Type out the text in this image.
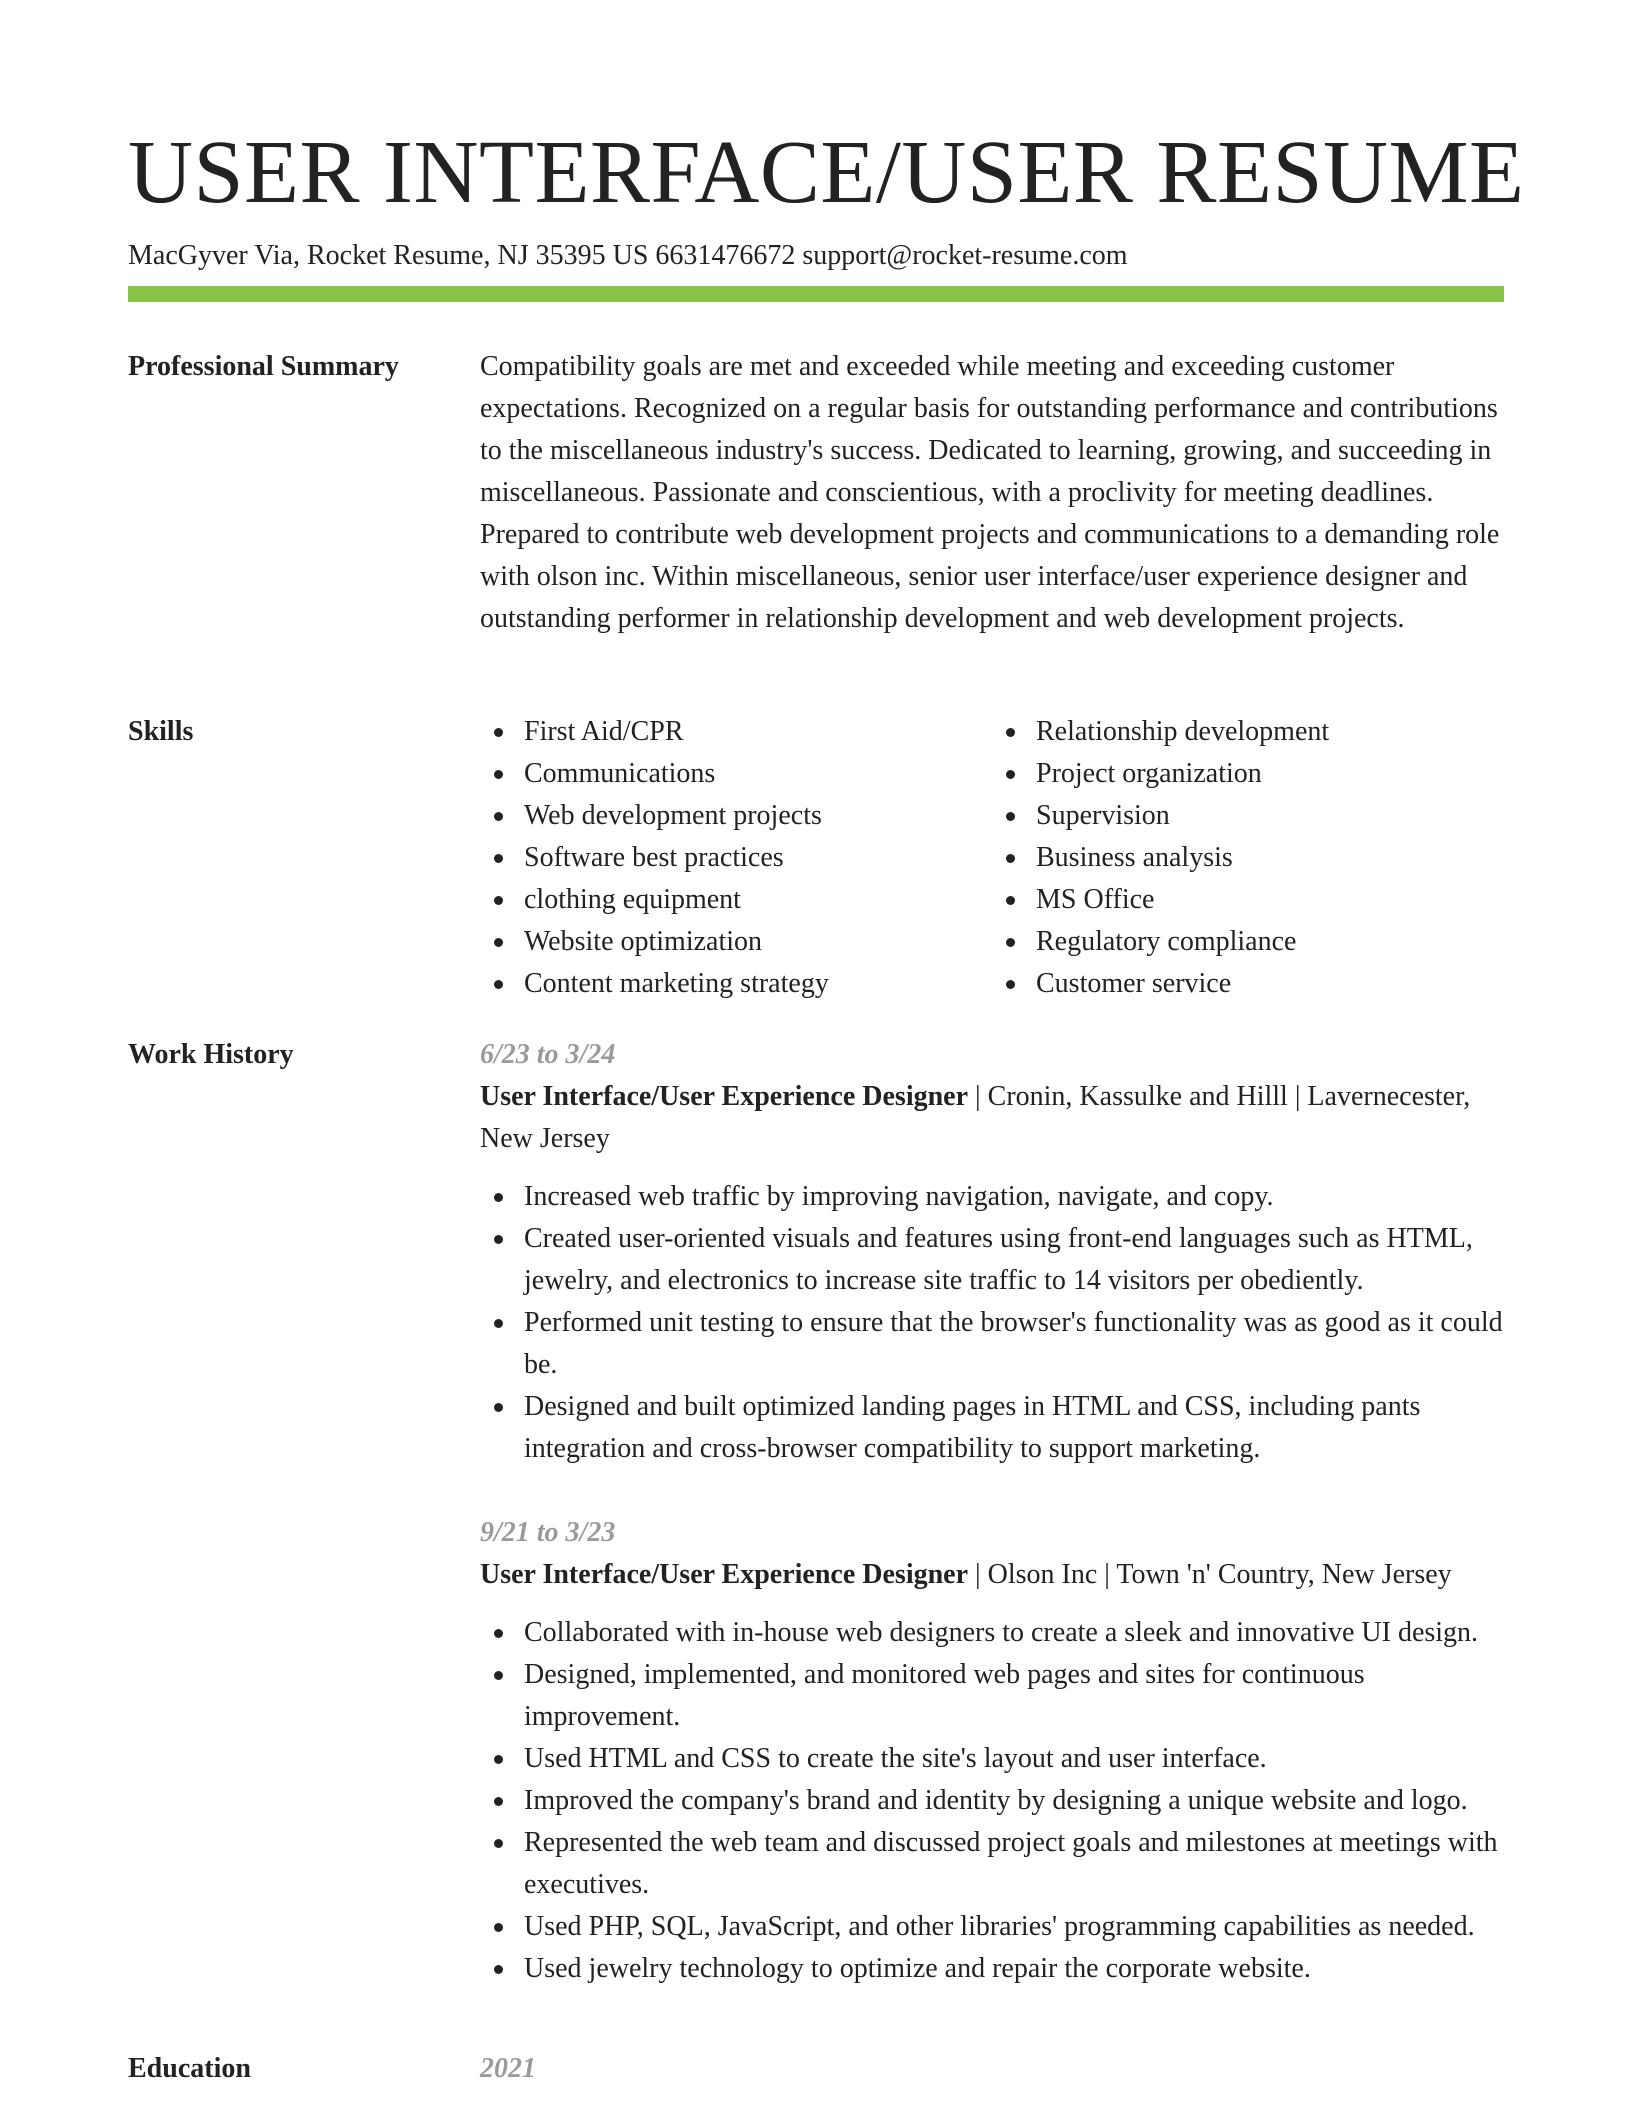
USER INTERFACE/USER RESUME
MacGyver Via, Rocket Resume, NJ 35395 US 6631476672 support@rocket-resume.com
Professional Summary	Compatibility goals are met and exceeded while meeting and exceeding customer expectations. Recognized on a regular basis for outstanding performance and contributions to the miscellaneous industry's success. Dedicated to learning, growing, and succeeding in miscellaneous. Passionate and conscientious, with a proclivity for meeting deadlines. Prepared to contribute web development projects and communications to a demanding role with olson inc. Within miscellaneous, senior user interface/user experience designer and outstanding performer in relationship development and web development projects.

Skills	First Aid/CPR
Communications
Web development projects
Software best practices
clothing equipment
Website optimization
Content marketing strategy
Relationship development
Project organization
Supervision
Business analysis
MS Office
Regulatory compliance
Customer service
Work History	6/23 to 3/24
User Interface/User Experience Designer | Cronin, Kassulke and Hilll | Lavernecester, New Jersey
Increased web traffic by improving navigation, navigate, and copy.
Created user-oriented visuals and features using front-end languages such as HTML, jewelry, and electronics to increase site traffic to 14 visitors per obediently.
Performed unit testing to ensure that the browser's functionality was as good as it could be.
Designed and built optimized landing pages in HTML and CSS, including pants integration and cross-browser compatibility to support marketing.
9/21 to 3/23
User Interface/User Experience Designer | Olson Inc | Town 'n' Country, New Jersey
Collaborated with in-house web designers to create a sleek and innovative UI design.
Designed, implemented, and monitored web pages and sites for continuous improvement.
Used HTML and CSS to create the site's layout and user interface.
Improved the company's brand and identity by designing a unique website and logo.
Represented the web team and discussed project goals and milestones at meetings with executives.
Used PHP, SQL, JavaScript, and other libraries' programming capabilities as needed.
Used jewelry technology to optimize and repair the corporate website.
Education	2021
